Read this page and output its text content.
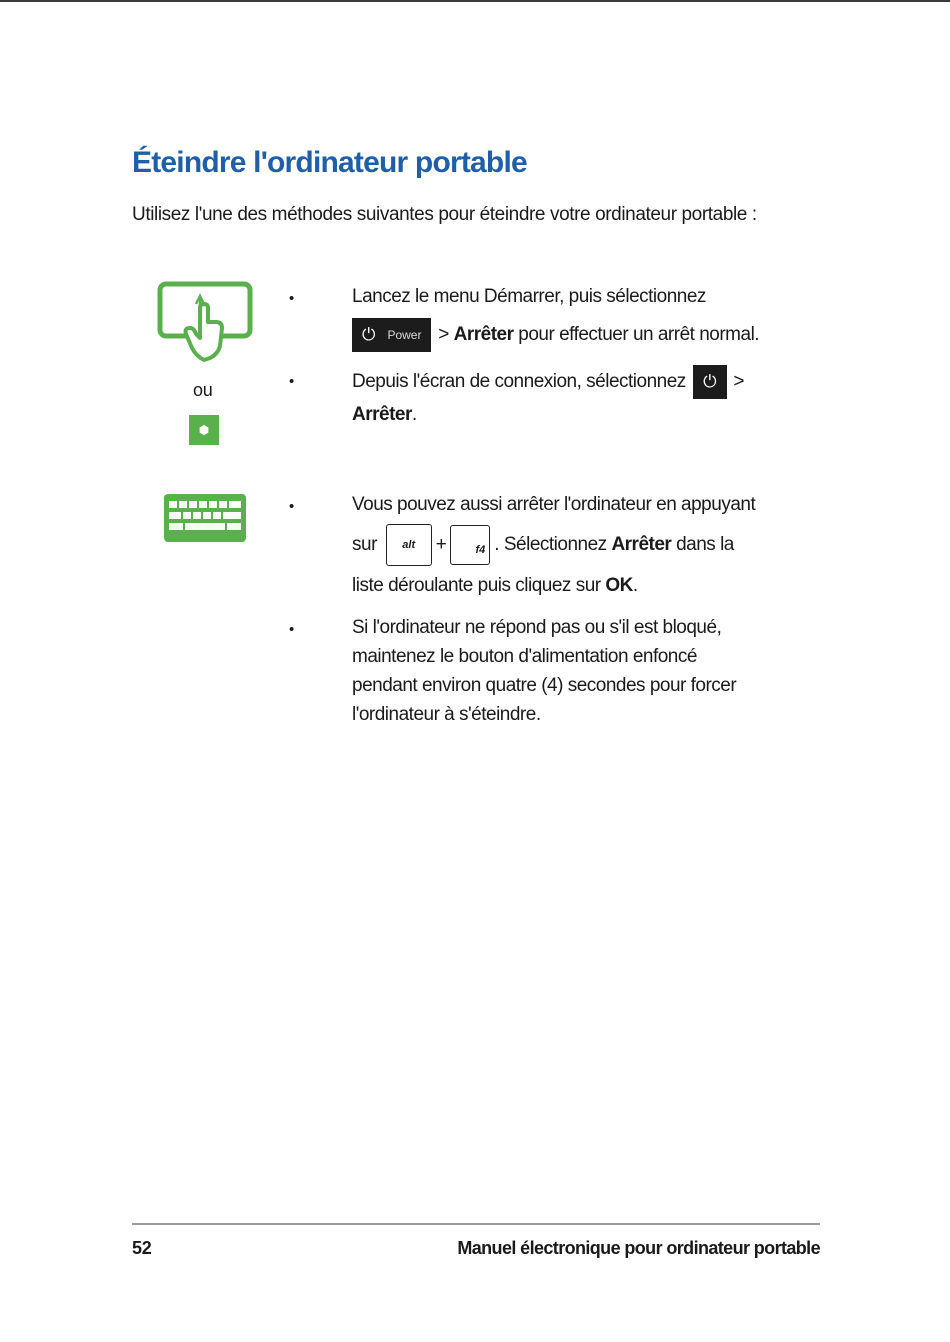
Éteindre l'ordinateur portable

Utilisez l'une des méthodes suivantes pour éteindre votre ordinateur portable :

ou
⬢
•
•
•
•
Lancez le menu Démarrer, puis sélectionnez
⏻ Power > Arrêter pour effectuer un arrêt normal.
Depuis l'écran de connexion, sélectionnez ⏻ >
Arrêter.
Vous pouvez aussi arrêter l'ordinateur en appuyant
sur alt +	f4 . Sélectionnez Arrêter dans la
liste déroulante puis cliquez sur OK.
Si l'ordinateur ne répond pas ou s'il est bloqué,
maintenez le bouton d'alimentation enfoncé
pendant environ quatre (4) secondes pour forcer
l'ordinateur à s'éteindre.
52	Manuel électronique pour ordinateur portable
